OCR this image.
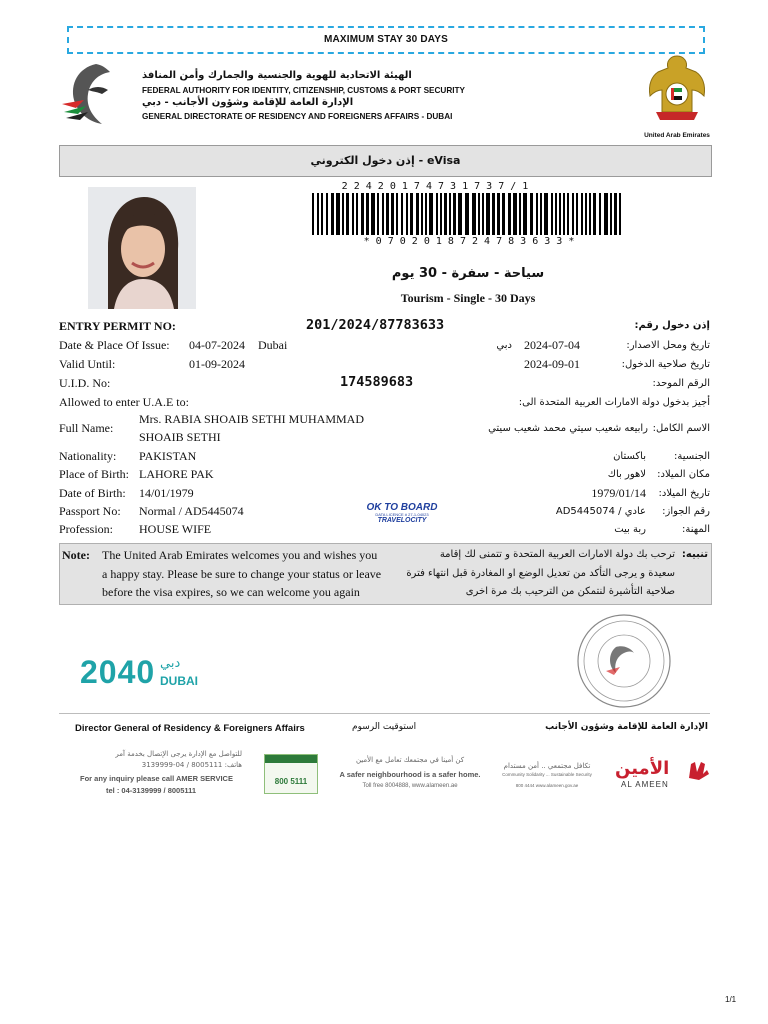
MAXIMUM STAY 30 DAYS
الهيئة الاتحادية للهوية والجنسية والجمارك وأمن المنافذ
FEDERAL AUTHORITY FOR IDENTITY, CITIZENSHIP, CUSTOMS & PORT SECURITY
الإدارة العامة للإقامة وشؤون الأجانب - دبي
GENERAL DIRECTORATE OF RESIDENCY AND FOREIGNERS AFFAIRS - DUBAI
United Arab Emirates
إذن دخول الكتروني - eVisa
2 2 4 2 0 1 7 4 7 3 1 7 3 7 / 1
* 0 7 0 2 0 1 8 7 2 4 7 8 3 6 3 3 *
سياحة - سفرة - 30 يوم
Tourism - Single - 30 Days
ENTRY PERMIT NO:	201/2024/87783633	إذن دخول رقم:
Date & Place Of Issue: 04-07-2024 Dubai	دبي 2024-07-04	تاريخ ومحل الاصدار:
Valid Until:	01-09-2024	2024-09-01	تاريخ صلاحية الدخول:
U.I.D. No:	174589683	الرقم الموحد:
Allowed to enter U.A.E to:	أجيز بدخول دولة الامارات العربية المتحدة الى:
Full Name:
Mrs. RABIA SHOAIB SETHI MUHAMMAD
SHOAIB SETHI
رابيعه شعيب سيتي محمد شعيب سيتي الاسم الكامل:
Nationality: PAKISTAN	باكستان	الجنسية:
Place of Birth: LAHORE PAK	لاهور باك	مكان الميلاد:
Date of Birth: 14/01/1979	1979/01/14	تاريخ الميلاد:
Passport No: Normal / AD5445074	عادي / AD5445074	رقم الجواز:
Profession: HOUSE WIFE	ربة بيت	المهنة:
OK TO BOARD
DATA LICENCE # 27-1-04023
TRAVELOCITY
Note: The United Arab Emirates welcomes you and wishes you
a happy stay. Please be sure to change your status or leave
before the visa expires, so we can welcome you again
تنبيه:
ترحب بك دولة الامارات العربية المتحدة و تتمنى لك إقامة
سعيدة و يرجى التأكد من تعديل الوضع او المغادرة قبل انتهاء فترة
صلاحية التأشيرة لنتمكن من الترحيب بك مرة اخرى
2040 دبي
DUBAI
Director General of Residency & Foreigners Affairs	استوقيت الرسوم	الإدارة العامة للإقامة وشؤون الأجانب
للتواصل مع الإدارة يرجى الإتصال بخدمة آمر
هاتف: 8005111 / 04-3139999
For any inquiry please call AMER SERVICE
tel : 04-3139999 / 8005111
800 5111
كن أمينا في مجتمعك تعامل مع الأمين
A safer neighbourhood is a safer home.
Toll free 8004888, www.alameen.ae
تكافل مجتمعي .. أمن مستدام
Community Solidarity ... Sustainable Security
800 4444 www.alameen.gov.ae
الأمين
AL AMEEN
1/1
